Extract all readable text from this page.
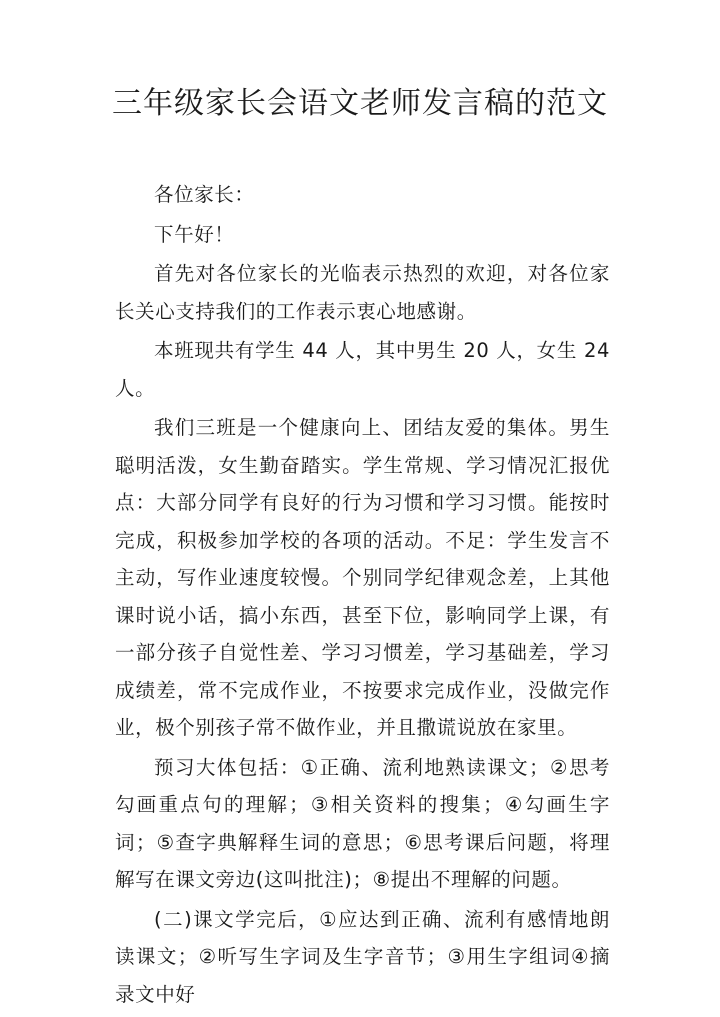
三年级家长会语文老师发言稿的范文

各位家长：

下午好！

首先对各位家长的光临表示热烈的欢迎，对各位家长关心支持我们的工作表示衷心地感谢。

本班现共有学生 44 人，其中男生 20 人，女生 24 人。

我们三班是一个健康向上、团结友爱的集体。男生聪明活泼，女生勤奋踏实。学生常规、学习情况汇报优点：大部分同学有良好的行为习惯和学习习惯。能按时完成，积极参加学校的各项的活动。不足：学生发言不主动，写作业速度较慢。个别同学纪律观念差，上其他课时说小话，搞小东西，甚至下位，影响同学上课，有一部分孩子自觉性差、学习习惯差，学习基础差，学习成绩差，常不完成作业，不按要求完成作业，没做完作业，极个别孩子常不做作业，并且撒谎说放在家里。

预习大体包括：①正确、流利地熟读课文；②思考勾画重点句的理解；③相关资料的搜集；④勾画生字词；⑤查字典解释生词的意思；⑥思考课后问题，将理解写在课文旁边(这叫批注)；⑧提出不理解的问题。

(二)课文学完后，①应达到正确、流利有感情地朗读课文；②听写生字词及生字音节；③用生字组词④摘录文中好
